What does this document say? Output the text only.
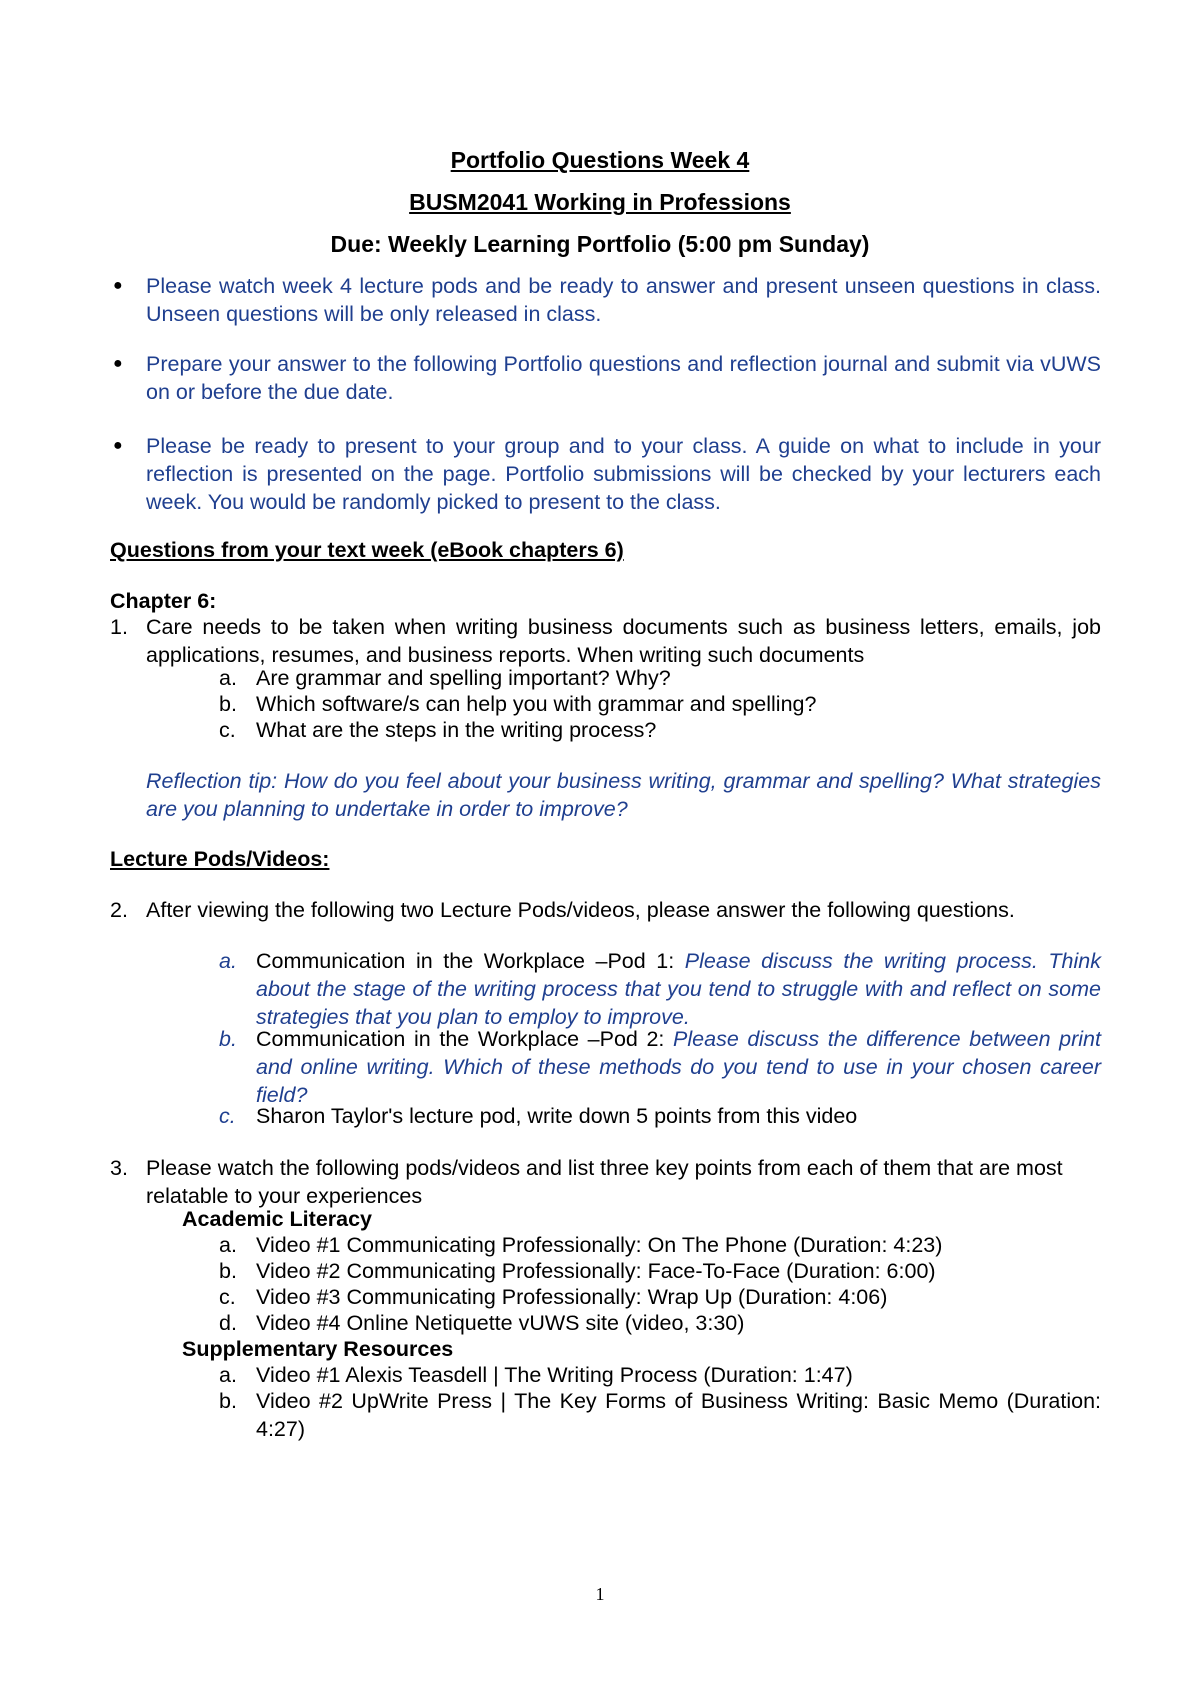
Portfolio Questions Week 4
BUSM2041 Working in Professions
Due: Weekly Learning Portfolio (5:00 pm Sunday)
● Please watch week 4 lecture pods and be ready to answer and present unseen questions in class. Unseen questions will be only released in class.
● Prepare your answer to the following Portfolio questions and reflection journal and submit via vUWS on or before the due date.
● Please be ready to present to your group and to your class. A guide on what to include in your reflection is presented on the page. Portfolio submissions will be checked by your lecturers each week. You would be randomly picked to present to the class.
Questions from your text week (eBook chapters 6)
Chapter 6:
1. Care needs to be taken when writing business documents such as business letters, emails, job applications, resumes, and business reports. When writing such documents
a. Are grammar and spelling important? Why?
b. Which software/s can help you with grammar and spelling?
c. What are the steps in the writing process?
Reflection tip: How do you feel about your business writing, grammar and spelling? What strategies are you planning to undertake in order to improve?
Lecture Pods/Videos:
2. After viewing the following two Lecture Pods/videos, please answer the following questions.
a. Communication in the Workplace –Pod 1: Please discuss the writing process. Think about the stage of the writing process that you tend to struggle with and reflect on some strategies that you plan to employ to improve.
b. Communication in the Workplace –Pod 2: Please discuss the difference between print and online writing. Which of these methods do you tend to use in your chosen career field?
c. Sharon Taylor's lecture pod, write down 5 points from this video
3. Please watch the following pods/videos and list three key points from each of them that are most relatable to your experiences
Academic Literacy
a. Video #1 Communicating Professionally: On The Phone (Duration: 4:23)
b. Video #2 Communicating Professionally: Face-To-Face (Duration: 6:00)
c. Video #3 Communicating Professionally: Wrap Up (Duration: 4:06)
d. Video #4 Online Netiquette vUWS site (video, 3:30)
Supplementary Resources
a. Video #1 Alexis Teasdell | The Writing Process (Duration: 1:47)
b. Video #2 UpWrite Press | The Key Forms of Business Writing: Basic Memo (Duration: 4:27)
1
